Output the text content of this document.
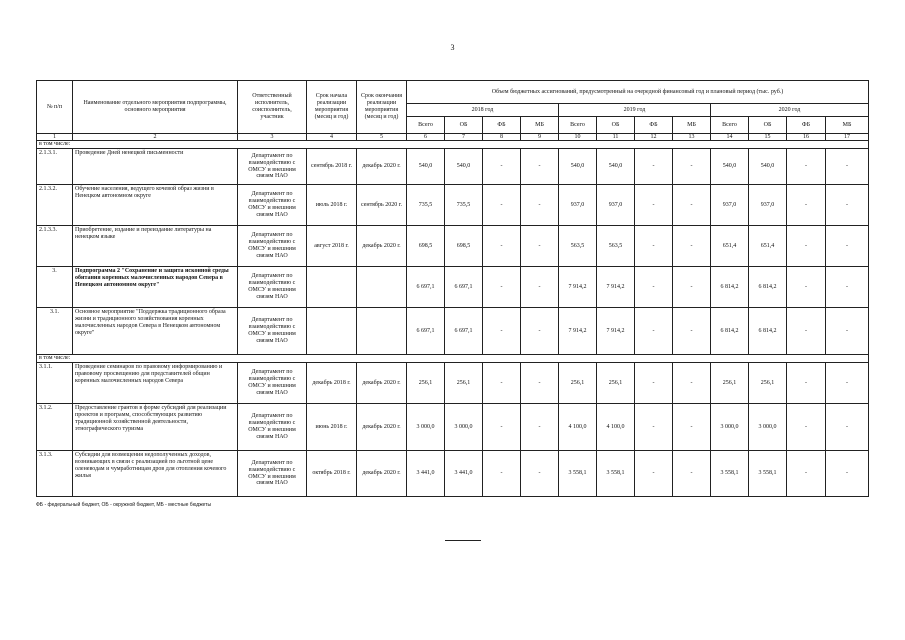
3
№ п/п	Наименование отдельного мероприятия подпрограммы, основного мероприятия	Ответственный исполнитель, соисполнитель, участник	Срок начала реализации мероприятия (месяц и год)	Срок окончания реализации мероприятия (месяц и год)	Объем бюджетных ассигнований, предусмотренный на очередной финансовый год и плановый период (тыс. руб.)											
					2018 год				2019 год				2020 год			
					Всего	ОБ	ФБ	МБ	Всего	ОБ	ФБ	МБ	Всего	ОБ	ФБ	МБ
1	2	3	4	5	6	7	8	9	10	11	12	13	14	15	16	17
в том числе:																
2.1.3.1.	Проведение Дней ненецкой письменности	Департамент по взаимодействию с ОМСУ и внешним связям НАО	сентябрь 2018 г.	декабрь 2020 г.	540,0	540,0	-	-	540,0	540,0	-	-	540,0	540,0	-	-
2.1.3.2.	Обучение населения, ведущего кочевой образ жизни в Ненецком автономном округе	Департамент по взаимодействию с ОМСУ и внешним связям НАО	июль 2018 г.	сентябрь 2020 г.	735,5	735,5	-	-	937,0	937,0	-	-	937,0	937,0	-	-
2.1.3.3.	Приобретение, издание и переиздание литературы на ненецком языке	Департамент по взаимодействию с ОМСУ и внешним связям НАО	август 2018 г.	декабрь 2020 г.	698,5	698,5	-	-	563,5	563,5	-	-	651,4	651,4	-	-
3.	Подпрограмма 2 "Сохранение и защита исконной среды обитания коренных малочисленных народов Севера в Ненецком автономном округе"	Департамент по взаимодействию с ОМСУ и внешним связям НАО			6 697,1	6 697,1	-	-	7 914,2	7 914,2	-	-	6 814,2	6 814,2	-	-
3.1.	Основное мероприятие "Поддержка традиционного образа жизни и традиционного хозяйствования коренных малочисленных народов Севера в Ненецком автономном округе"	Департамент по взаимодействию с ОМСУ и внешним связям НАО			6 697,1	6 697,1	-	-	7 914,2	7 914,2	-	-	6 814,2	6 814,2	-	-
в том числе:																
3.1.1.	Проведение семинаров по правовому информированию и правовому просвещению для представителей общин коренных малочисленных народов Севера	Департамент по взаимодействию с ОМСУ и внешним связям НАО	декабрь 2018 г.	декабрь 2020 г.	256,1	256,1	-	-	256,1	256,1	-	-	256,1	256,1	-	-
3.1.2.	Предоставление грантов в форме субсидий для реализации проектов и программ, способствующих развитию традиционной хозяйственной деятельности, этнографического туризма	Департамент по взаимодействию с ОМСУ и внешним связям НАО	июнь 2018 г.	декабрь 2020 г.	3 000,0	3 000,0	-	-	4 100,0	4 100,0	-	-	3 000,0	3 000,0	-	-
3.1.3.	Субсидии для возмещения недополученных доходов, возникающих в связи с реализацией по льготной цене оленеводам и чумработницам дров для отопления кочевого жилья	Департамент по взаимодействию с ОМСУ и внешним связям НАО	октябрь 2018 г.	декабрь 2020 г.	3 441,0	3 441,0	-	-	3 558,1	3 558,1	-	-	3 558,1	3 558,1	-	-
ФБ - федеральный бюджет, ОБ - окружной бюджет, МБ - местные бюджеты
